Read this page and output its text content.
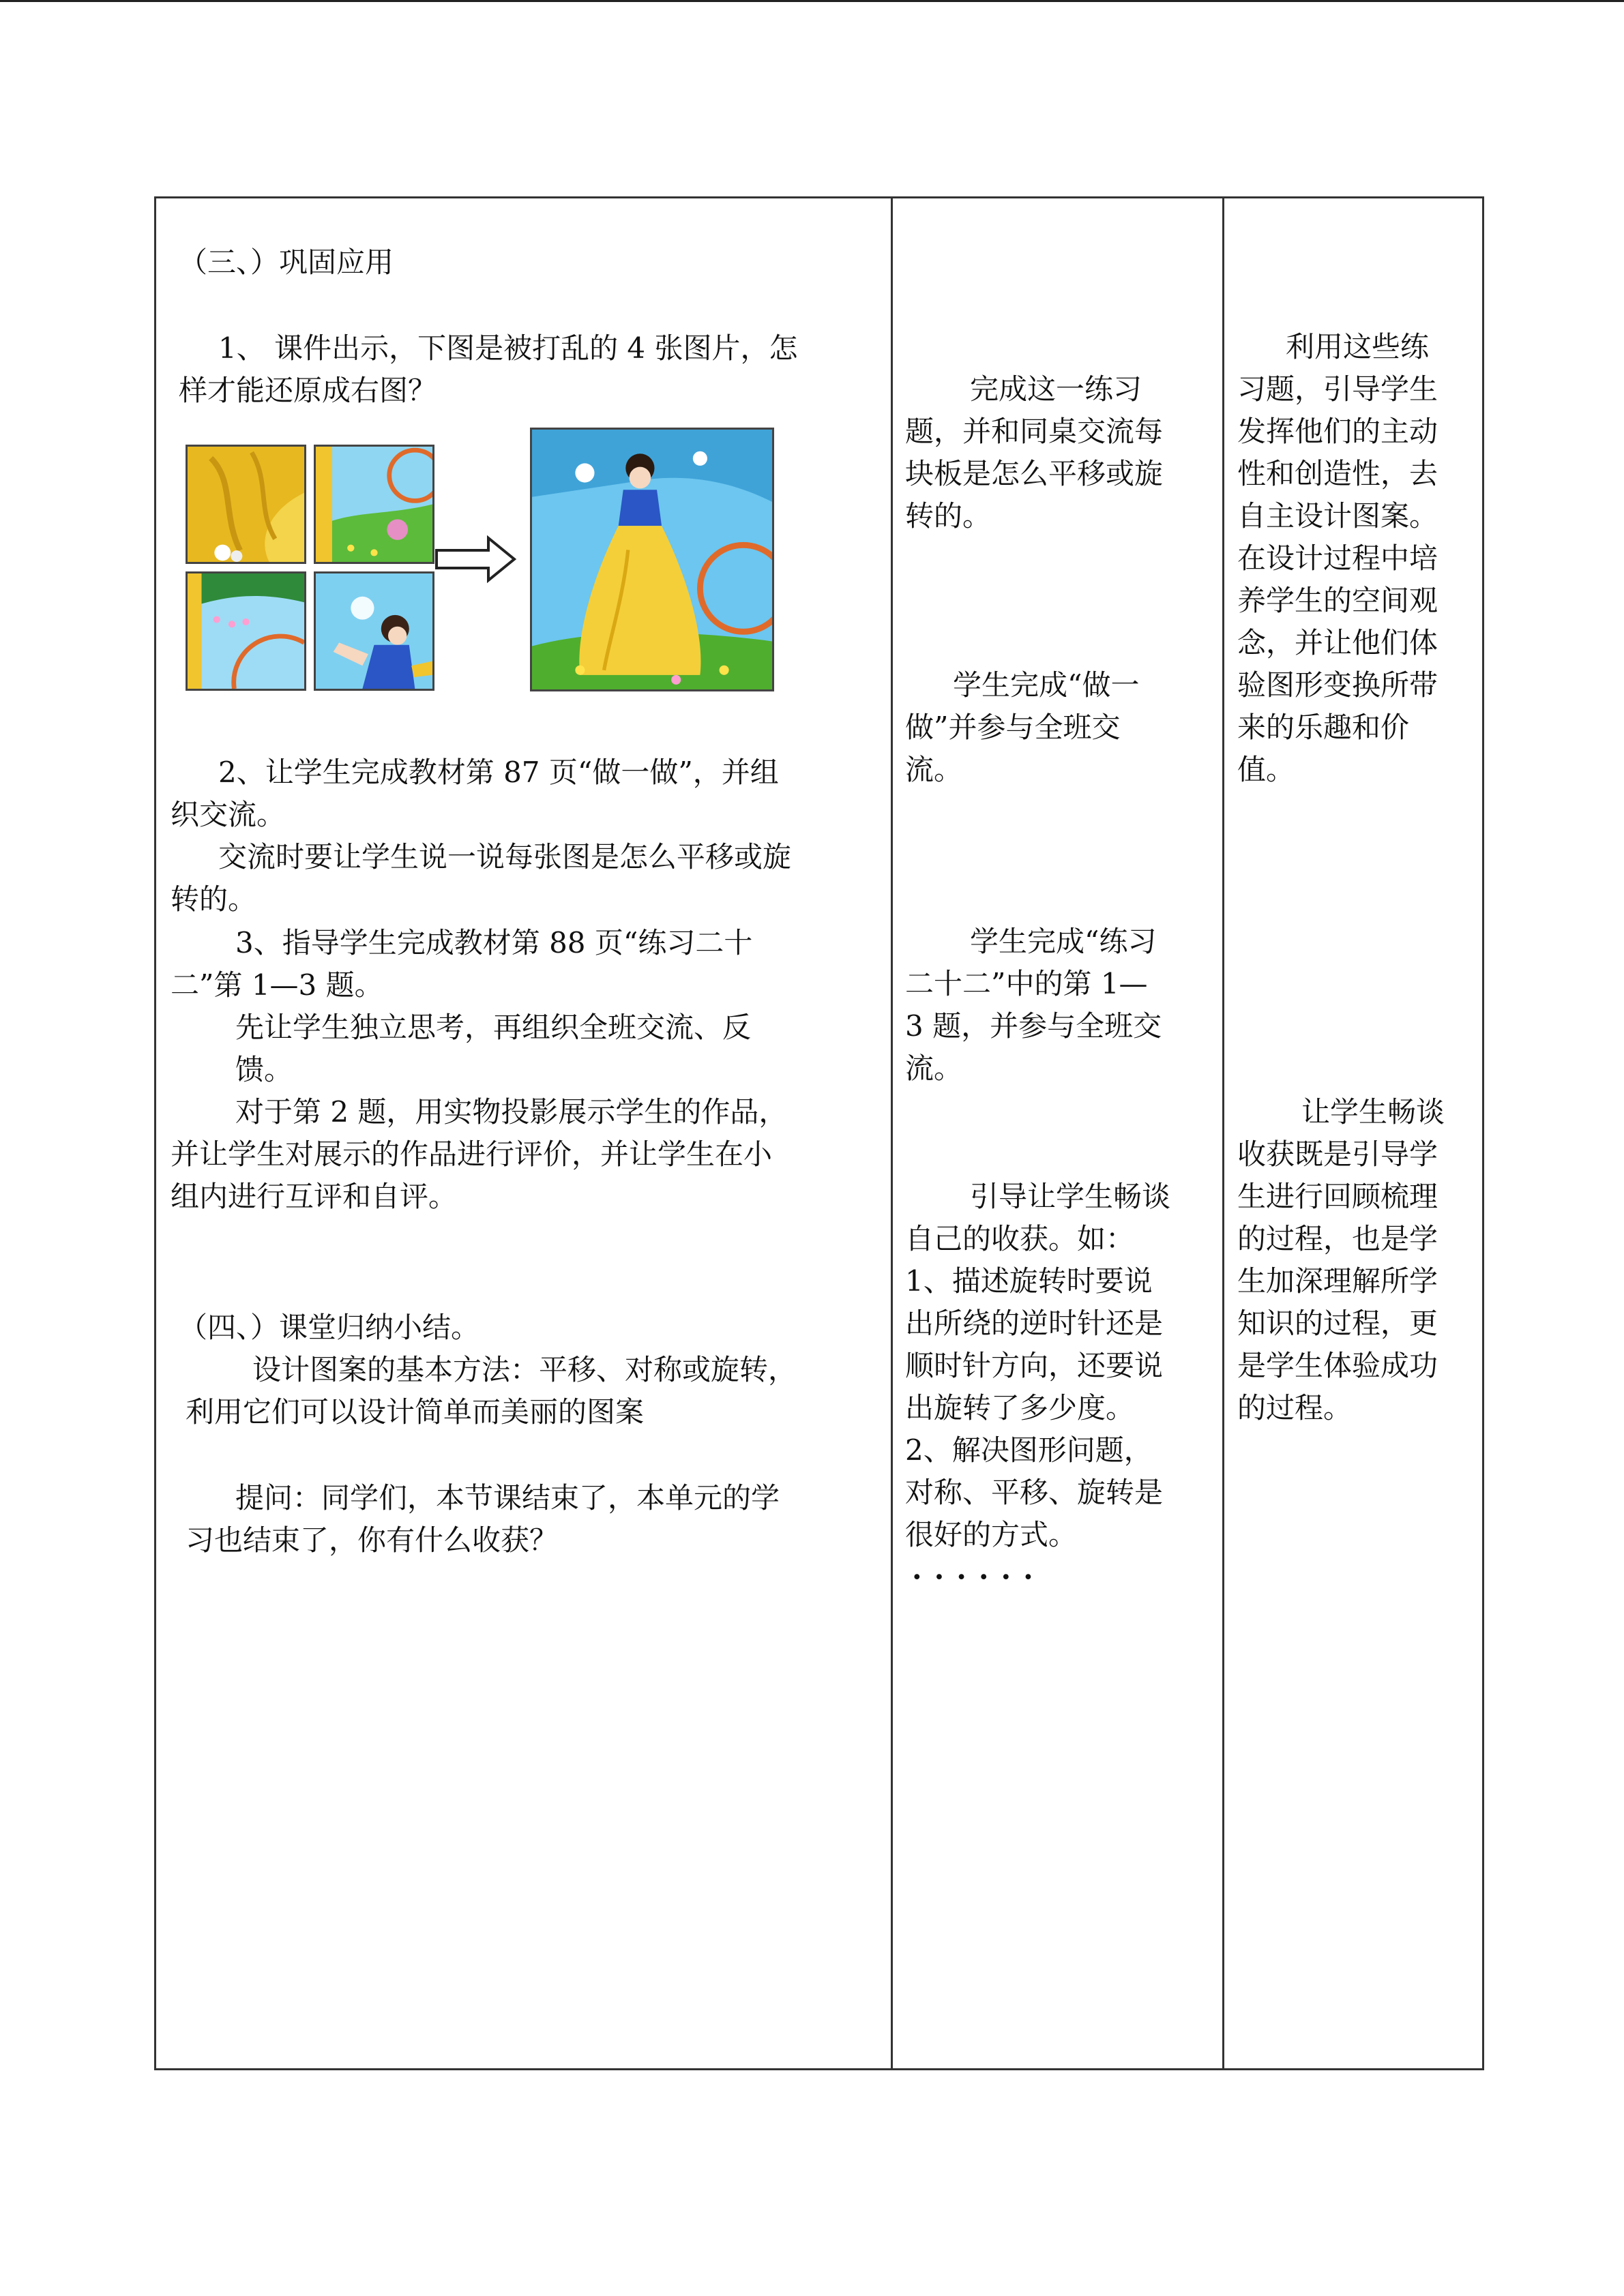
（三、）巩固应用
1、 课件出示，下图是被打乱的 4 张图片，怎
样才能还原成右图？
2、让学生完成教材第 87 页“做一做”，并组
织交流。
交流时要让学生说一说每张图是怎么平移或旋
转的。
3、指导学生完成教材第 88 页“练习二十
二”第 1—3 题。
先让学生独立思考，再组织全班交流、反
馈。
对于第 2 题，用实物投影展示学生的作品，
并让学生对展示的作品进行评价，并让学生在小
组内进行互评和自评。
（四、）课堂归纳小结。
设计图案的基本方法：平移、对称或旋转，
利用它们可以设计简单而美丽的图案
提问：同学们，本节课结束了，本单元的学
习也结束了，你有什么收获？
完成这一练习
题，并和同桌交流每
块板是怎么平移或旋
转的。
学生完成“做一
做”并参与全班交
流。
学生完成“练习
二十二”中的第 1—
3 题，并参与全班交
流。
引导让学生畅谈
自己的收获。如：
1、描述旋转时要说
出所绕的逆时针还是
顺时针方向，还要说
出旋转了多少度。
2、解决图形问题，
对称、平移、旋转是
很好的方式。
······
利用这些练
习题，引导学生
发挥他们的主动
性和创造性，去
自主设计图案。
在设计过程中培
养学生的空间观
念，并让他们体
验图形变换所带
来的乐趣和价
值。
让学生畅谈
收获既是引导学
生进行回顾梳理
的过程，也是学
生加深理解所学
知识的过程，更
是学生体验成功
的过程。
